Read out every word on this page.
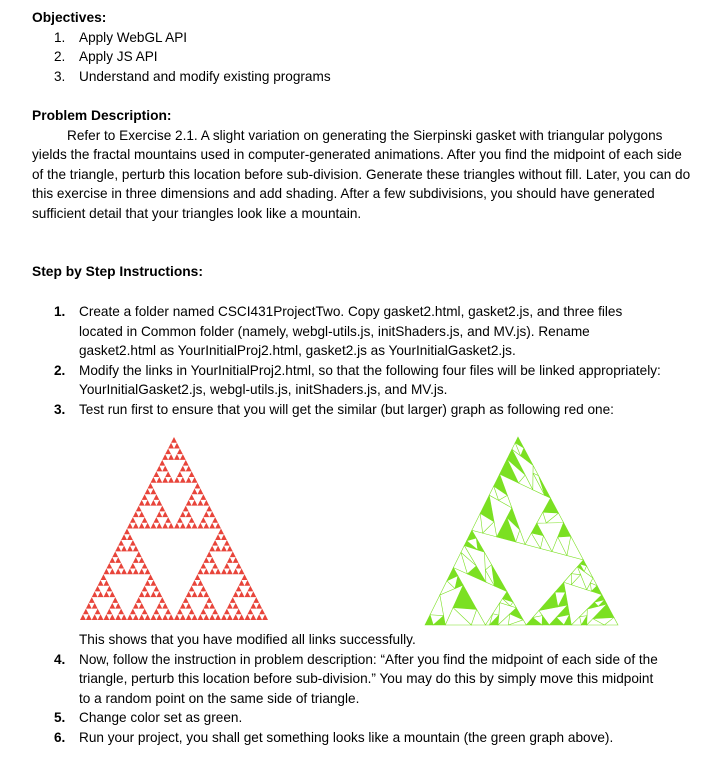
Objectives:
1.	Apply WebGL API
2.	Apply JS API
3.	Understand and modify existing programs
Problem Description:

Refer to Exercise 2.1. A slight variation on generating the Sierpinski gasket with triangular polygons yields the fractal mountains used in computer-generated animations. After you find the midpoint of each side of the triangle, perturb this location before sub-division. Generate these triangles without fill. Later, you can do this exercise in three dimensions and add shading. After a few subdivisions, you should have generated sufficient detail that your triangles look like a mountain.

Step by Step Instructions:
1.	Create a folder named CSCI431ProjectTwo. Copy gasket2.html, gasket2.js, and three files located in Common folder (namely, webgl-utils.js, initShaders.js, and MV.js). Rename gasket2.html as YourInitialProj2.html, gasket2.js as YourInitialGasket2.js.
2.	Modify the links in YourInitialProj2.html, so that the following four files will be linked appropriately: YourInitialGasket2.js, webgl-utils.js, initShaders.js, and MV.js.
3.	Test run first to ensure that you will get the similar (but larger) graph as following red one:
This shows that you have modified all links successfully.
4.	Now, follow the instruction in problem description: “After you find the midpoint of each side of the triangle, perturb this location before sub-division.” You may do this by simply move this midpoint to a random point on the same side of triangle.
5.	Change color set as green.
6.	Run your project, you shall get something looks like a mountain (the green graph above).
